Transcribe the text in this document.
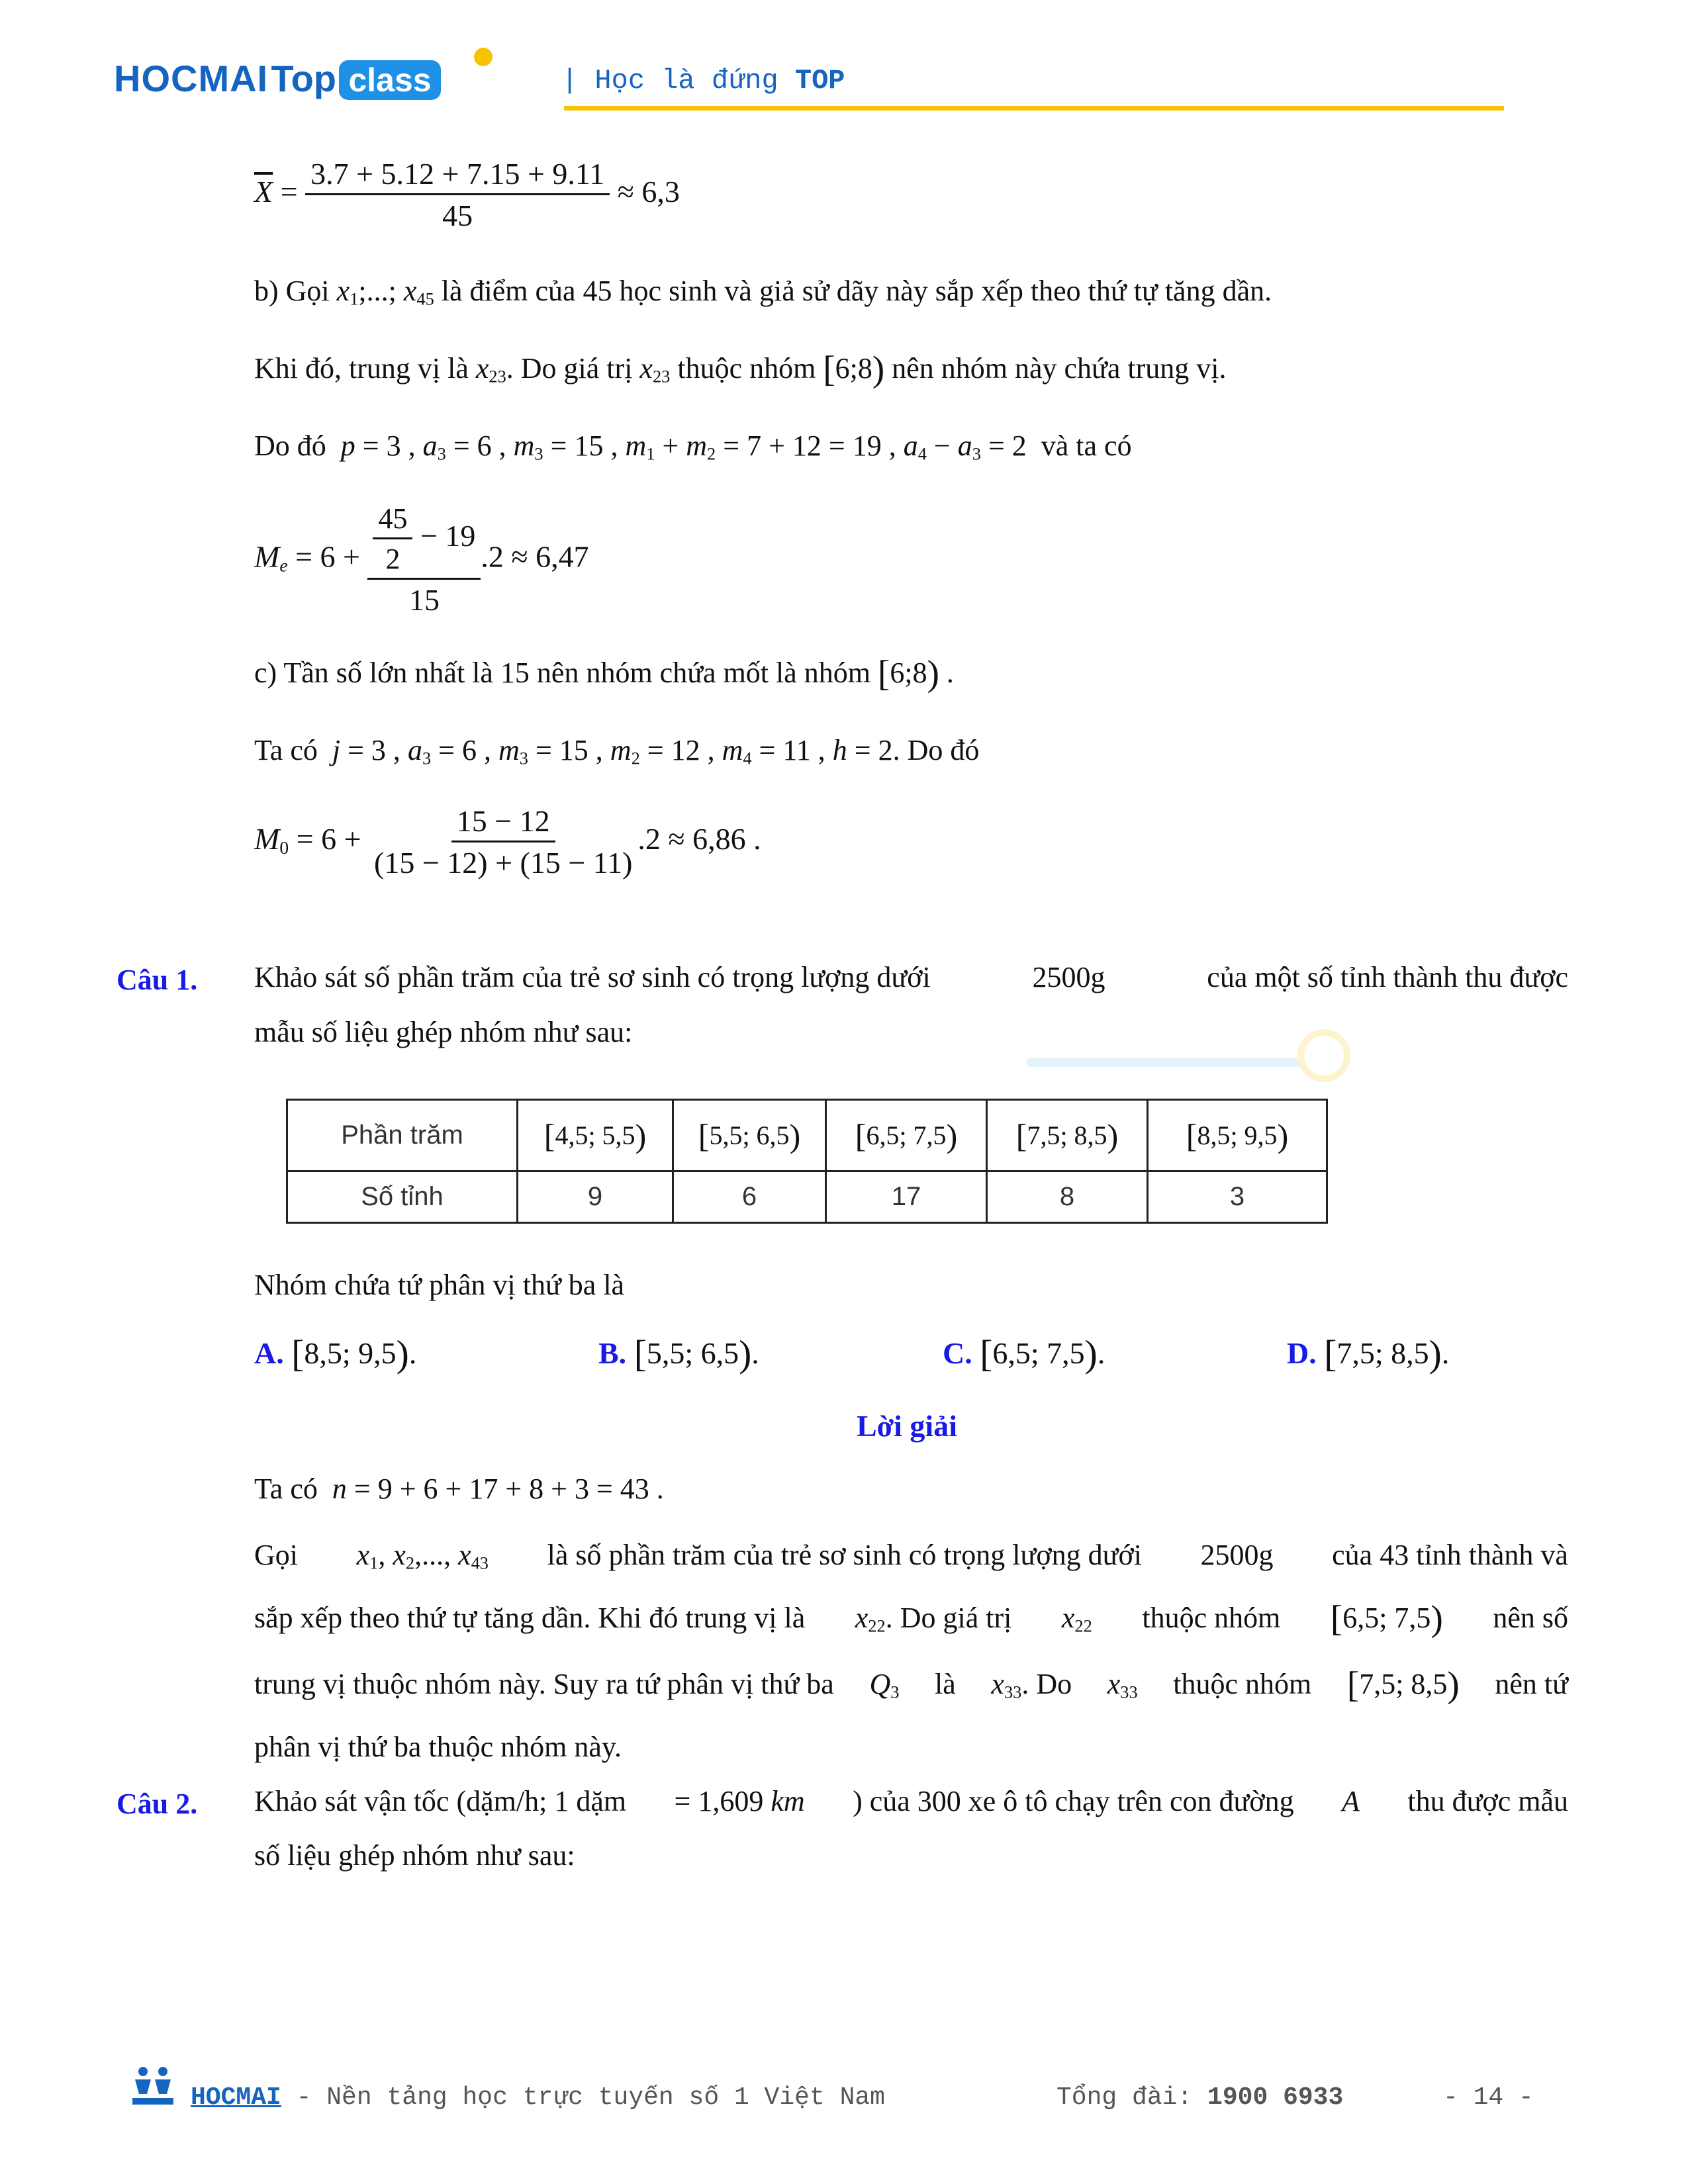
HOCMAI Top class	| Học là đứng TOP
$\overline{X} = \frac{3.7 + 5.12 + 7.15 + 9.11}{45} \approx 6,3$
b) Gọi $x_1$;...; $x_{45}$ là điểm của 45 học sinh và giả sử dãy này sắp xếp theo thứ tự tăng dần.
Khi đó, trung vị là $x_{23}$. Do giá trị $x_{23}$ thuộc nhóm [6;8) nên nhóm này chứa trung vị.
Do đó p = 3 , $a_3 = 6$ , $m_3 = 15$ , $m_1 + m_2 = 7 + 12 = 19$ , $a_4 - a_3 = 2$  và ta có
$M_e = 6 + \frac{\frac{45}{2} - 19}{15} .2 \approx 6,47$
c) Tần số lớn nhất là 15 nên nhóm chứa mốt là nhóm [6;8) .
Ta có j = 3 , $a_3 = 6$ , $m_3 = 15$ , $m_2 = 12$ , $m_4 = 11$ , h = 2. Do đó
$M_0 = 6 + \frac{15 - 12}{(15 - 12) + (15 - 11)} .2 \approx 6,86$ .
Câu 1. Khảo sát số phần trăm của trẻ sơ sinh có trọng lượng dưới	2500g	của một số tỉnh thành thu được
mẫu số liệu ghép nhóm như sau:
Phần trăm	[4,5; 5,5)	[5,5; 6,5)	[6,5; 7,5)	[7,5; 8,5)	[8,5; 9,5)
Số tỉnh	9	6	17	8	3
Nhóm chứa tứ phân vị thứ ba là
A. [8,5; 9,5).	B. [5,5; 6,5).	C. [6,5; 7,5).	D. [7,5; 8,5).
Lời giải
Ta có n = 9 + 6 + 17 + 8 + 3 = 43 .
Gọi $x_1$, $x_2$,..., $x_{43}$ là số phần trăm của trẻ sơ sinh có trọng lượng dưới 2500g của 43 tỉnh thành và
sắp xếp theo thứ tự tăng dần. Khi đó trung vị là $x_{22}$. Do giá trị $x_{22}$ thuộc nhóm [6,5; 7,5) nên số
trung vị thuộc nhóm này. Suy ra tứ phân vị thứ ba $Q_3$ là $x_{33}$. Do $x_{33}$ thuộc nhóm [7,5; 8,5) nên tứ
phân vị thứ ba thuộc nhóm này.
Câu 2. Khảo sát vận tốc (dặm/h; 1 dặm = 1,609 km ) của 300 xe ô tô chạy trên con đường A thu được mẫu
số liệu ghép nhóm như sau:
HOCMAI - Nền tảng học trực tuyến số 1 Việt Nam	Tổng đài: 1900 6933	- 14 -
